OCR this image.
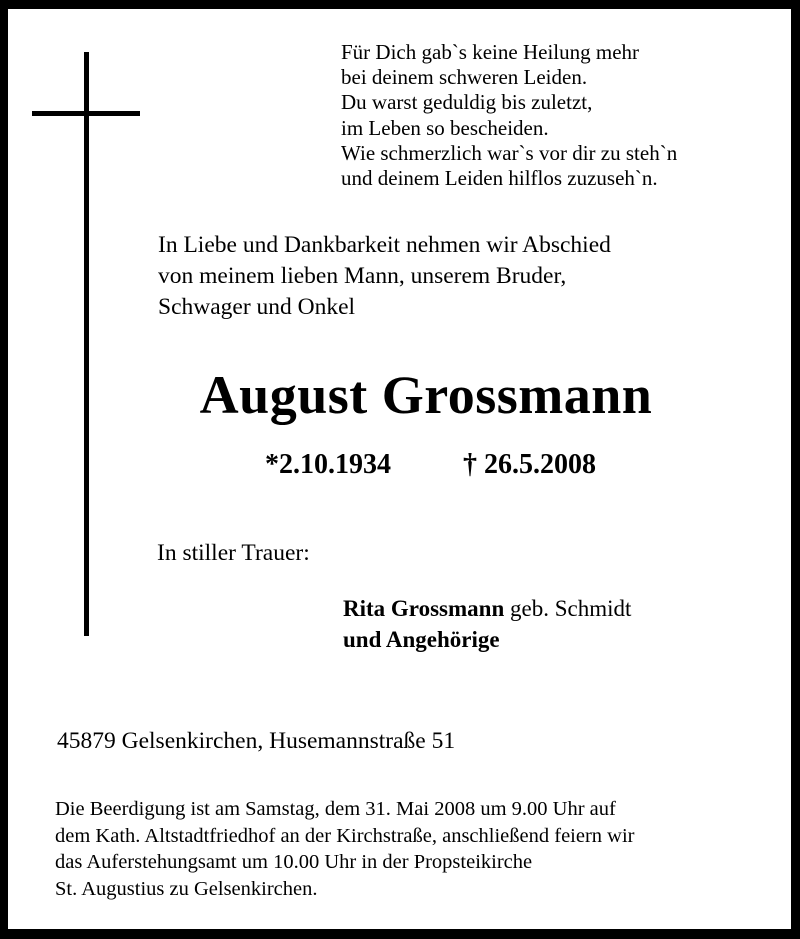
Für Dich gab`s keine Heilung mehr
bei deinem schweren Leiden.
Du warst geduldig bis zuletzt,
im Leben so bescheiden.
Wie schmerzlich war`s vor dir zu steh`n
und deinem Leiden hilflos zuzuseh`n.
In Liebe und Dankbarkeit nehmen wir Abschied
von meinem lieben Mann, unserem Bruder,
Schwager und Onkel
August Grossmann
*2.10.1934	† 26.5.2008
In stiller Trauer:
Rita Grossmann geb. Schmidt
und Angehörige
45879 Gelsenkirchen, Husemannstraße 51
Die Beerdigung ist am Samstag, dem 31. Mai 2008 um 9.00 Uhr auf
dem Kath. Altstadtfriedhof an der Kirchstraße, anschließend feiern wir
das Auferstehungsamt um 10.00 Uhr in der Propsteikirche
St. Augustius zu Gelsenkirchen.
